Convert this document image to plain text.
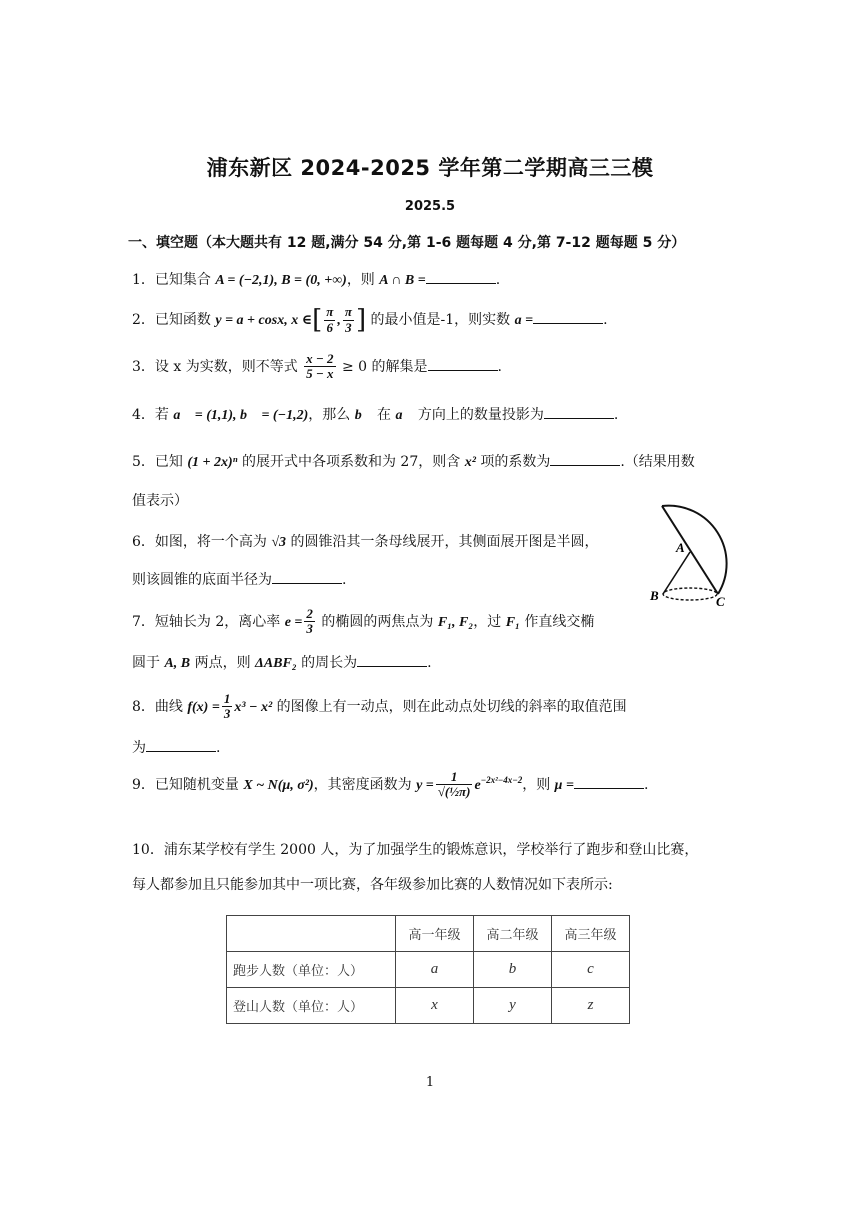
浦东新区 2024-2025 学年第二学期高三三模
2025.5
一、填空题（本大题共有 12 题,满分 54 分,第 1-6 题每题 4 分,第 7-12 题每题 5 分）
1．已知集合 A = (−2,1), B = (0, +∞)，则 A ∩ B =	.
2．已知函数 y = a + cosx, x ∈[ $\frac{\pi}{6}$ , $\frac{\pi}{3}$ ] 的最小值是-1，则实数 a =	.
3．设 x 为实数，则不等式 $\frac{x - 2}{5 - x} \ge 0$ 的解集是	.
4．若 a⃗ = (1,1), b⃗ = (−1,2)，那么 b⃗ 在 a⃗ 方向上的数量投影为	.
5．已知 (1 + 2x)ⁿ 的展开式中各项系数和为 27，则含 x² 项的系数为	.（结果用数
值表示）
6．如图，将一个高为 √3 的圆锥沿其一条母线展开，其侧面展开图是半圆，
则该圆锥的底面半径为	.
A
B	C
7．短轴长为 2，离心率 $e = \frac{2}{3}$ 的椭圆的两焦点为 F₁, F₂，过 F₁ 作直线交椭
圆于 A, B 两点，则 ΔABF₂ 的周长为	.
8．曲线 $f(x) = \frac{1}{3} x^3 - x^2$ 的图像上有一动点，则在此动点处切线的斜率的取值范围
为	.
9．已知随机变量 X ~ N(μ, σ²)，其密度函数为 $y = \frac{1}{\text{√(½π)}} e^{-2x^2-4x-2}$，则 μ =	.
10．浦东某学校有学生 2000 人，为了加强学生的锻炼意识，学校举行了跑步和登山比赛，
每人都参加且只能参加其中一项比赛，各年级参加比赛的人数情况如下表所示:
	高一年级	高二年级	高三年级
跑步人数（单位：人）	a	b	c
登山人数（单位：人）	x	y	z
1
